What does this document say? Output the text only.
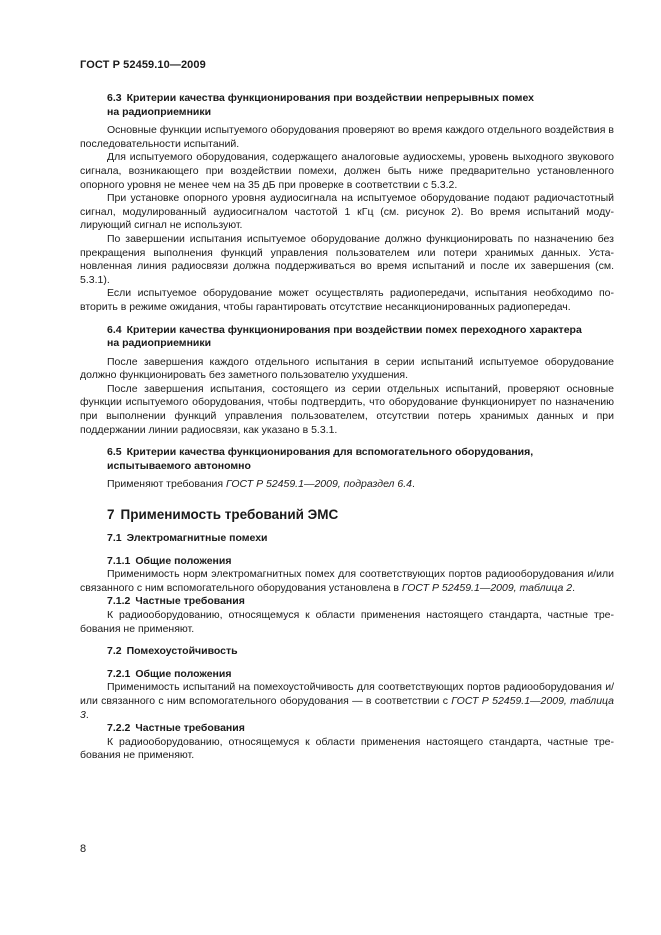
ГОСТ Р 52459.10—2009

6.3 Критерии качества функционирования при воздействии непрерывных помех
на радиоприемники

Основные функции испытуемого оборудования проверяют во время каждого отдельного воздействия в последовательности испытаний.

Для испытуемого оборудования, содержащего аналоговые аудиосхемы, уровень выходного звукового сигнала, возникающего при воздействии помехи, должен быть ниже предварительно установленного опорного уровня не менее чем на 35 дБ при проверке в соответствии с 5.3.2.

При установке опорного уровня аудиосигнала на испытуемое оборудование подают радиочастотный сигнал, модулированный аудиосигналом частотой 1 кГц (см. рисунок 2). Во время испытаний модулирующий сигнал не используют.

По завершении испытания испытуемое оборудование должно функционировать по назначению без прекращения выполнения функций управления пользователем или потери хранимых данных. Установленная линия радиосвязи должна поддерживаться во время испытаний и после их завершения (см. 5.3.1).

Если испытуемое оборудование может осуществлять радиопередачи, испытания необходимо повторить в режиме ожидания, чтобы гарантировать отсутствие несанкционированных радиопередач.

6.4 Критерии качества функционирования при воздействии помех переходного характера
на радиоприемники

После завершения каждого отдельного испытания в серии испытаний испытуемое оборудование должно функционировать без заметного пользователю ухудшения.

После завершения испытания, состоящего из серии отдельных испытаний, проверяют основные функции испытуемого оборудования, чтобы подтвердить, что оборудование функционирует по назначению при выполнении функций управления пользователем, отсутствии потерь хранимых данных и при поддержании линии радиосвязи, как указано в 5.3.1.

6.5 Критерии качества функционирования для вспомогательного оборудования,
испытываемого автономно

Применяют требования ГОСТ Р 52459.1—2009, подраздел 6.4.

7 Применимость требований ЭМС

7.1 Электромагнитные помехи

7.1.1 Общие положения

Применимость норм электромагнитных помех для соответствующих портов радиооборудования и/или связанного с ним вспомогательного оборудования установлена в ГОСТ Р 52459.1—2009, таблица 2.

7.1.2 Частные требования

К радиооборудованию, относящемуся к области применения настоящего стандарта, частные требования не применяют.

7.2 Помехоустойчивость

7.2.1 Общие положения

Применимость испытаний на помехоустойчивость для соответствующих портов радиооборудования и/или связанного с ним вспомогательного оборудования — в соответствии с ГОСТ Р 52459.1—2009, таблица 3.

7.2.2 Частные требования

К радиооборудованию, относящемуся к области применения настоящего стандарта, частные требования не применяют.

8
